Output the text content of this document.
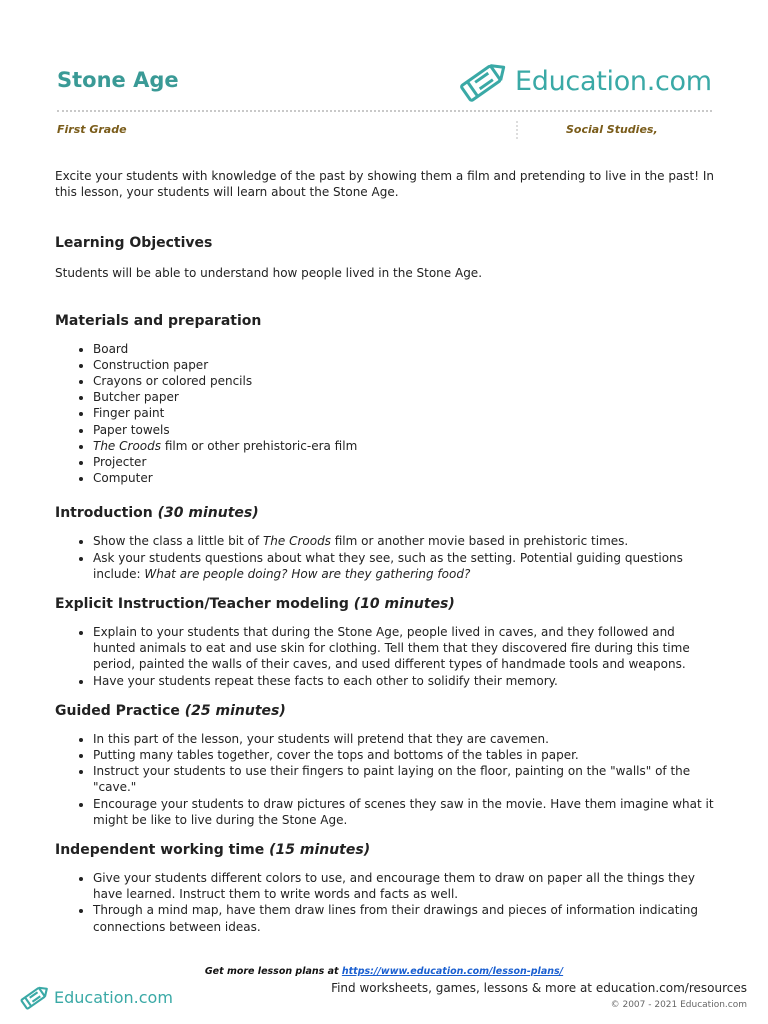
Stone Age	Education.com
First Grade	Social Studies,

Excite your students with knowledge of the past by showing them a film and pretending to live in the past! In this lesson, your students will learn about the Stone Age.

Learning Objectives

Students will be able to understand how people lived in the Stone Age.

Materials and preparation
• Board
• Construction paper
• Crayons or colored pencils
• Butcher paper
• Finger paint
• Paper towels
• The Croods film or other prehistoric-era film
• Projecter
• Computer
Introduction (30 minutes)
• Show the class a little bit of The Croods film or another movie based in prehistoric times.
• Ask your students questions about what they see, such as the setting. Potential guiding questions include: What are people doing? How are they gathering food?
Explicit Instruction/Teacher modeling (10 minutes)
• Explain to your students that during the Stone Age, people lived in caves, and they followed and hunted animals to eat and use skin for clothing. Tell them that they discovered fire during this time period, painted the walls of their caves, and used different types of handmade tools and weapons.
• Have your students repeat these facts to each other to solidify their memory.
Guided Practice (25 minutes)
• In this part of the lesson, your students will pretend that they are cavemen.
• Putting many tables together, cover the tops and bottoms of the tables in paper.
• Instruct your students to use their fingers to paint laying on the floor, painting on the "walls" of the "cave."
• Encourage your students to draw pictures of scenes they saw in the movie. Have them imagine what it might be like to live during the Stone Age.
Independent working time (15 minutes)
• Give your students different colors to use, and encourage them to draw on paper all the things they have learned. Instruct them to write words and facts as well.
• Through a mind map, have them draw lines from their drawings and pieces of information indicating connections between ideas.
Get more lesson plans at https://www.education.com/lesson-plans/
Education.com	Find worksheets, games, lessons & more at education.com/resources
© 2007 - 2021 Education.com
